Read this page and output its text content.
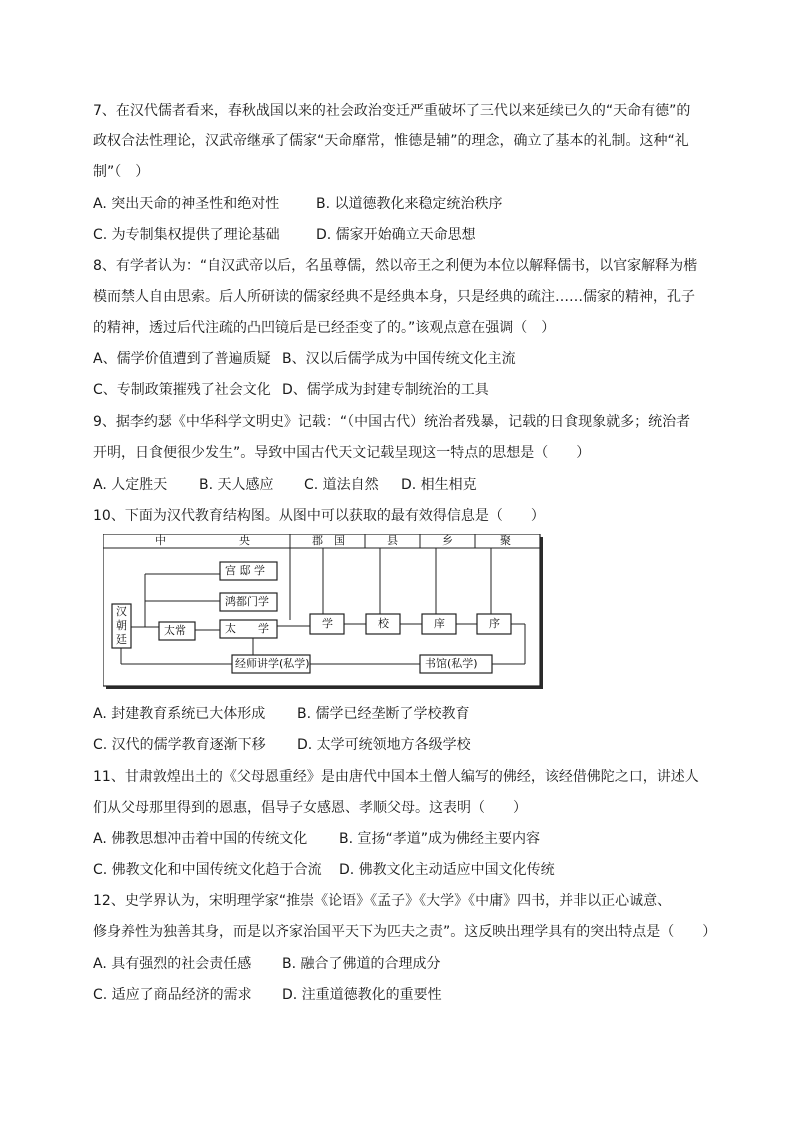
7、在汉代儒者看来，春秋战国以来的社会政治变迁严重破坏了三代以来延续已久的“天命有德”的
政权合法性理论，汉武帝继承了儒家“天命靡常，惟德是辅”的理念，确立了基本的礼制。这种“礼
制”（　）
A. 突出天命的神圣性和绝对性	B. 以道德教化来稳定统治秩序
C. 为专制集权提供了理论基础	D. 儒家开始确立天命思想
8、有学者认为：“自汉武帝以后，名虽尊儒，然以帝王之利便为本位以解释儒书，以官家解释为楷
模而禁人自由思索。后人所研读的儒家经典不是经典本身，只是经典的疏注……儒家的精神，孔子
的精神，透过后代注疏的凸凹镜后是已经歪变了的。”该观点意在强调（　）
A、儒学价值遭到了普遍质疑 B、汉以后儒学成为中国传统文化主流
C、专制政策摧残了社会文化 D、儒学成为封建专制统治的工具
9、据李约瑟《中华科学文明史》记载：“（中国古代）统治者残暴，记载的日食现象就多；统治者
开明，日食便很少发生”。导致中国古代天文记载呈现这一特点的思想是（　　）
A. 人定胜天 B. 天人感应 C. 道法自然 D. 相生相克
10、下面为汉代教育结构图。从图中可以获取的最有效得信息是（　　）
中	央	郡　国	县	乡	聚
汉朝廷
太常
宫 邸 学
鸿都门学
太　　学	学	校	庠	序
经师讲学(私学)	书馆(私学)
A. 封建教育系统已大体形成 B. 儒学已经垄断了学校教育
C. 汉代的儒学教育逐渐下移 D. 太学可统领地方各级学校
11、甘肃敦煌出土的《父母恩重经》是由唐代中国本土僧人编写的佛经，该经借佛陀之口，讲述人
们从父母那里得到的恩惠，倡导子女感恩、孝顺父母。这表明（　　）
A. 佛教思想冲击着中国的传统文化 B. 宣扬“孝道”成为佛经主要内容
C. 佛教文化和中国传统文化趋于合流 D. 佛教文化主动适应中国文化传统
12、史学界认为，宋明理学家“推崇《论语》《孟子》《大学》《中庸》四书，并非以正心诚意、
修身养性为独善其身，而是以齐家治国平天下为匹夫之责”。这反映出理学具有的突出特点是（　　）
A. 具有强烈的社会责任感 B. 融合了佛道的合理成分
C. 适应了商品经济的需求 D. 注重道德教化的重要性
